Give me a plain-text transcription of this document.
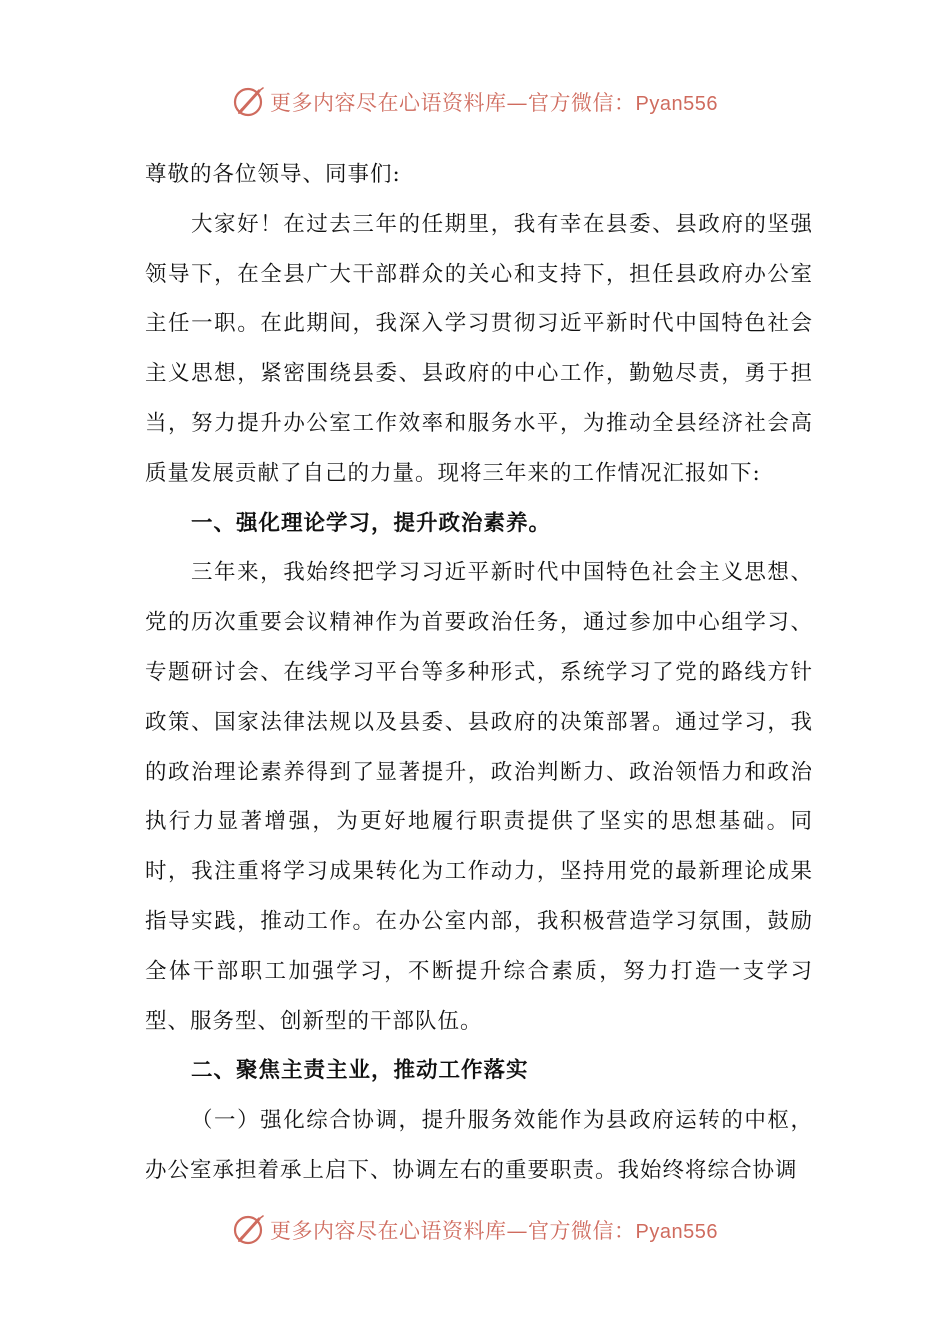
更多内容尽在心语资料库—官方微信：Pyan556

尊敬的各位领导、同事们:

大家好！在过去三年的任期里，我有幸在县委、县政府的坚强领导下，在全县广大干部群众的关心和支持下，担任县政府办公室主任一职。在此期间，我深入学习贯彻习近平新时代中国特色社会主义思想，紧密围绕县委、县政府的中心工作，勤勉尽责，勇于担当，努力提升办公室工作效率和服务水平，为推动全县经济社会高质量发展贡献了自己的力量。现将三年来的工作情况汇报如下:

一、强化理论学习，提升政治素养。

三年来，我始终把学习习近平新时代中国特色社会主义思想、党的历次重要会议精神作为首要政治任务，通过参加中心组学习、专题研讨会、在线学习平台等多种形式，系统学习了党的路线方针政策、国家法律法规以及县委、县政府的决策部署。通过学习，我的政治理论素养得到了显著提升，政治判断力、政治领悟力和政治执行力显著增强，为更好地履行职责提供了坚实的思想基础。同时，我注重将学习成果转化为工作动力，坚持用党的最新理论成果指导实践，推动工作。在办公室内部，我积极营造学习氛围，鼓励全体干部职工加强学习，不断提升综合素质，努力打造一支学习型、服务型、创新型的干部队伍。

二、聚焦主责主业，推动工作落实

（一）强化综合协调，提升服务效能作为县政府运转的中枢，办公室承担着承上启下、协调左右的重要职责。我始终将综合协调

更多内容尽在心语资料库—官方微信：Pyan556
